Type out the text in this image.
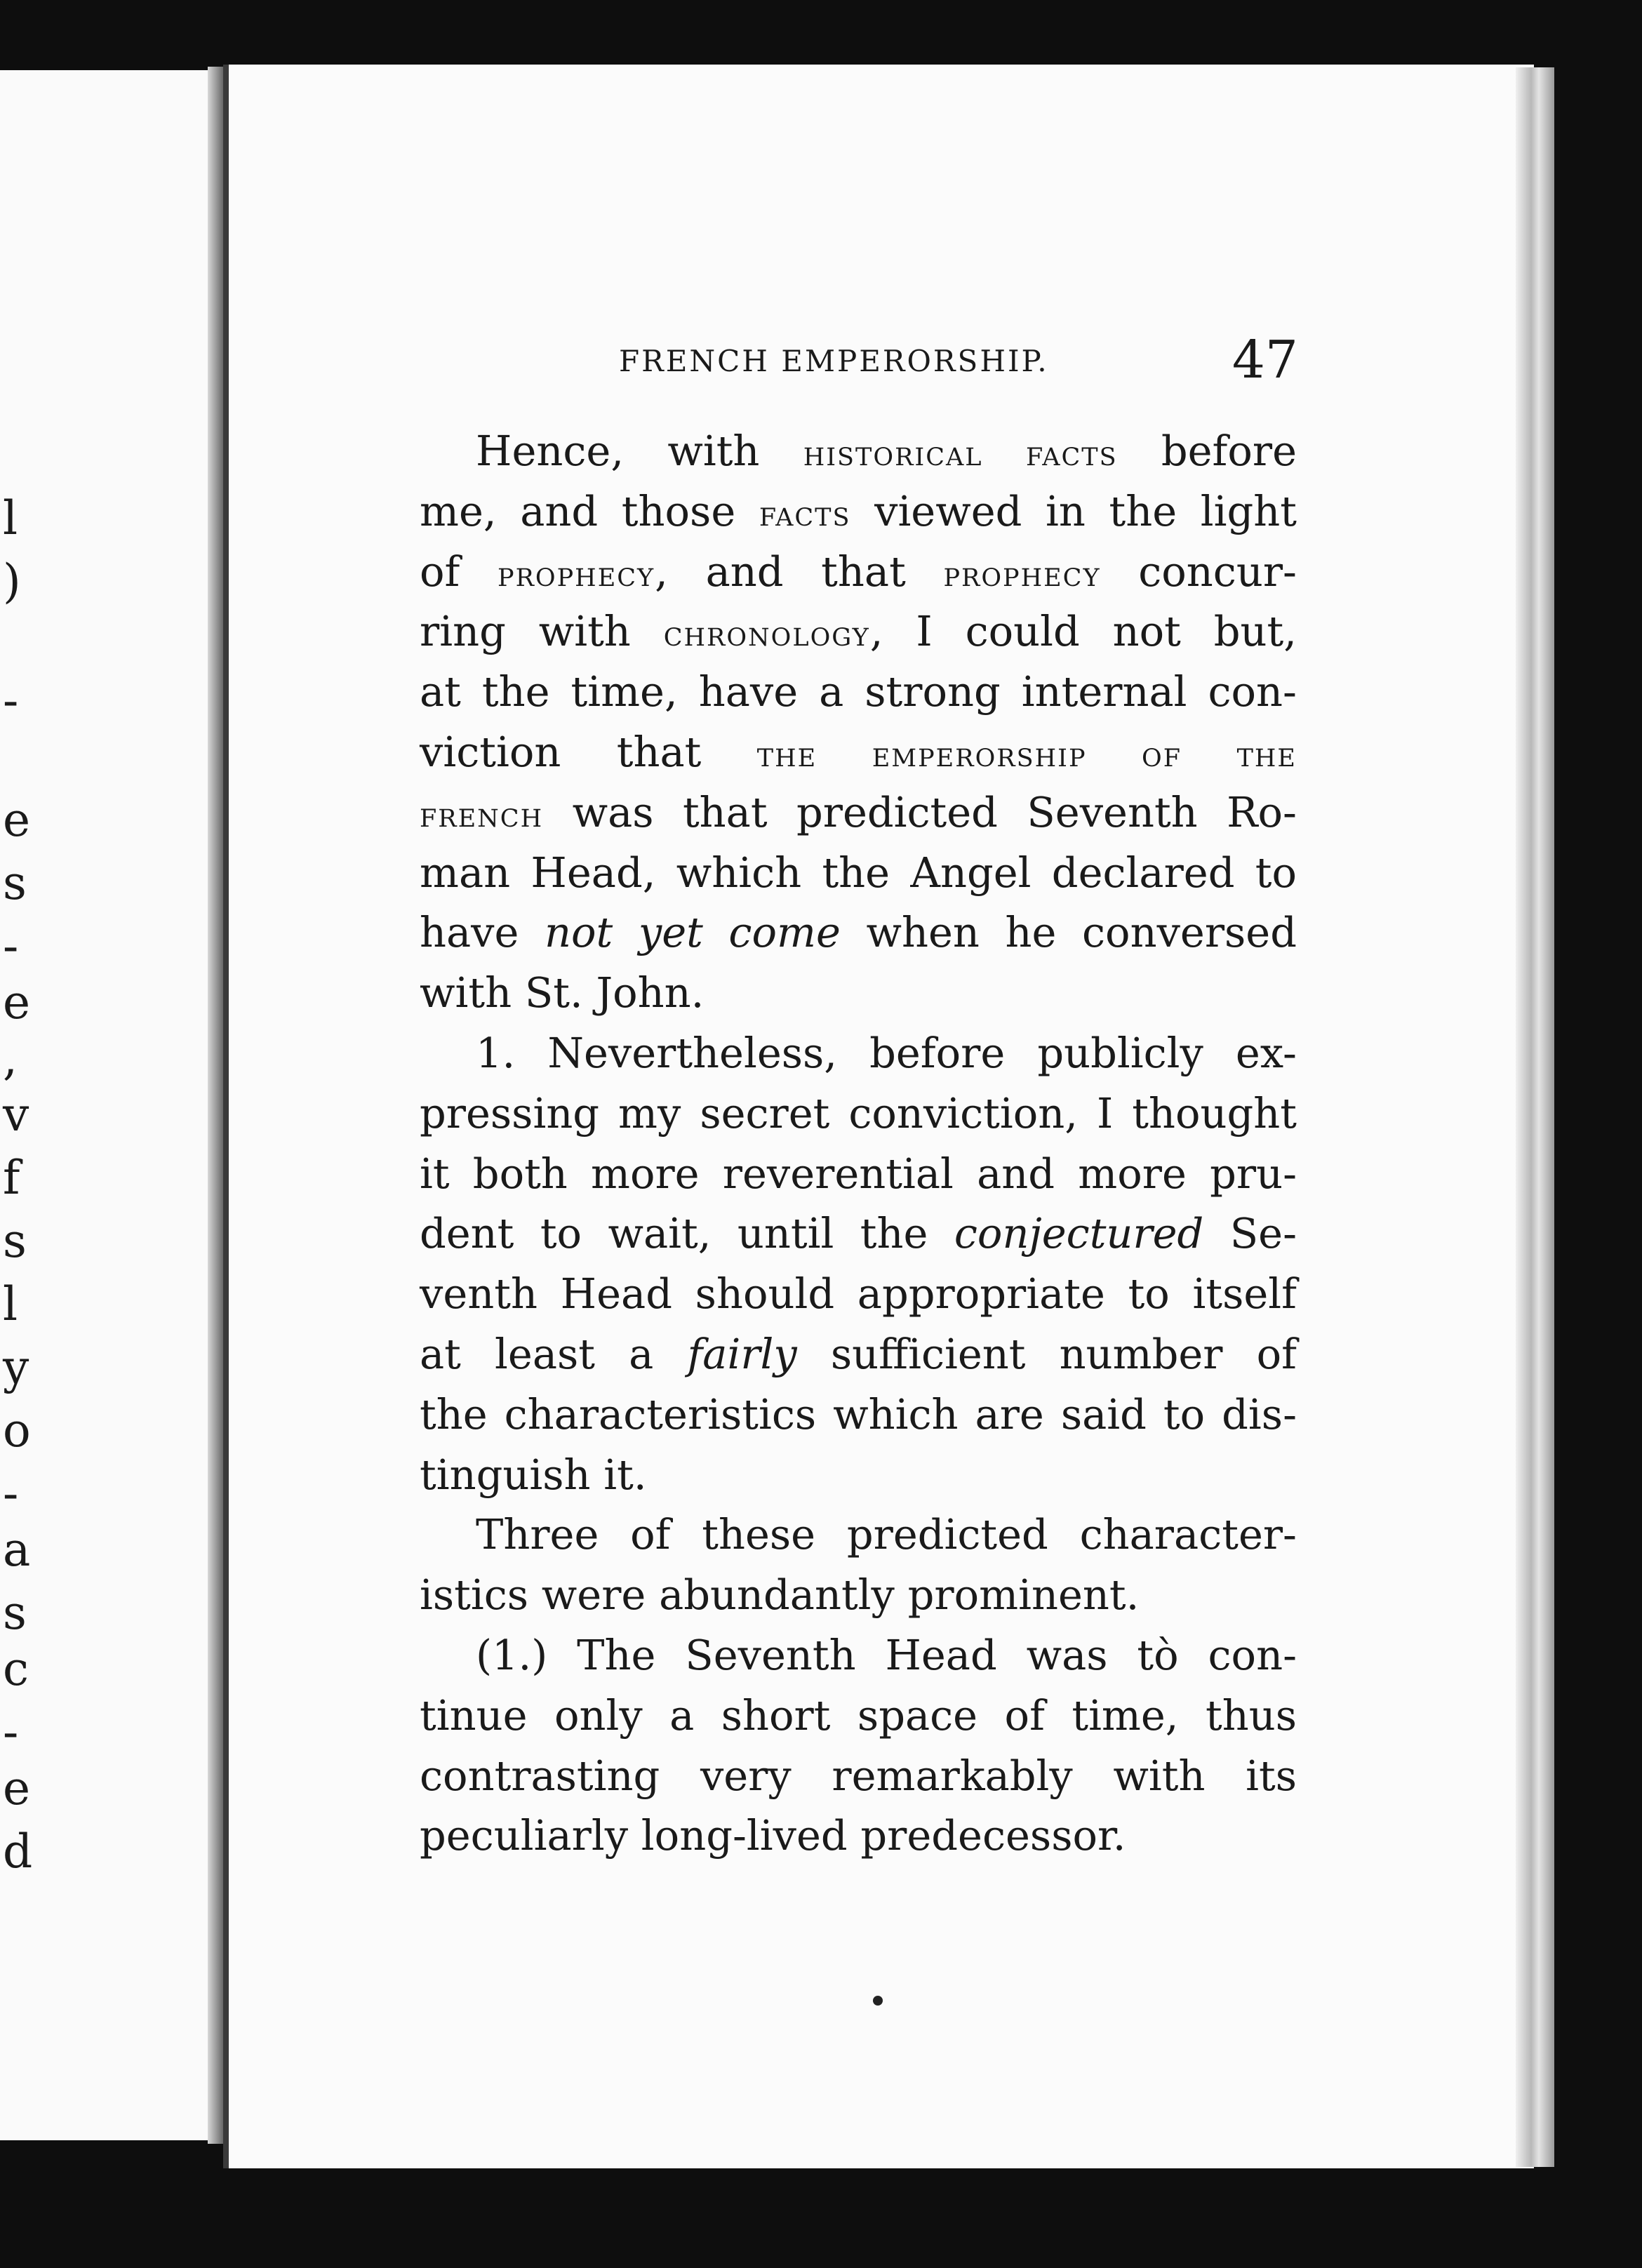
l
)
-
e
s
-
e
,
v
f
s
l
y
o
-
a
s
c
-
e
d
FRENCH EMPERORSHIP.	47

Hence, with historical facts before
me, and those facts viewed in the light
of prophecy, and that prophecy concur-
ring with chronology, I could not but,
at the time, have a strong internal con-
viction that the emperorship of the
french was that predicted Seventh Ro-
man Head, which the Angel declared to
have not yet come when he conversed
with St. John.

1. Nevertheless, before publicly ex-
pressing my secret conviction, I thought
it both more reverential and more pru-
dent to wait, until the conjectured Se-
venth Head should appropriate to itself
at least a fairly sufficient number of
the characteristics which are said to dis-
tinguish it.

Three of these predicted character-
istics were abundantly prominent.

(1.) The Seventh Head was tò con-
tinue only a short space of time, thus
contrasting very remarkably with its
peculiarly long-lived predecessor.
